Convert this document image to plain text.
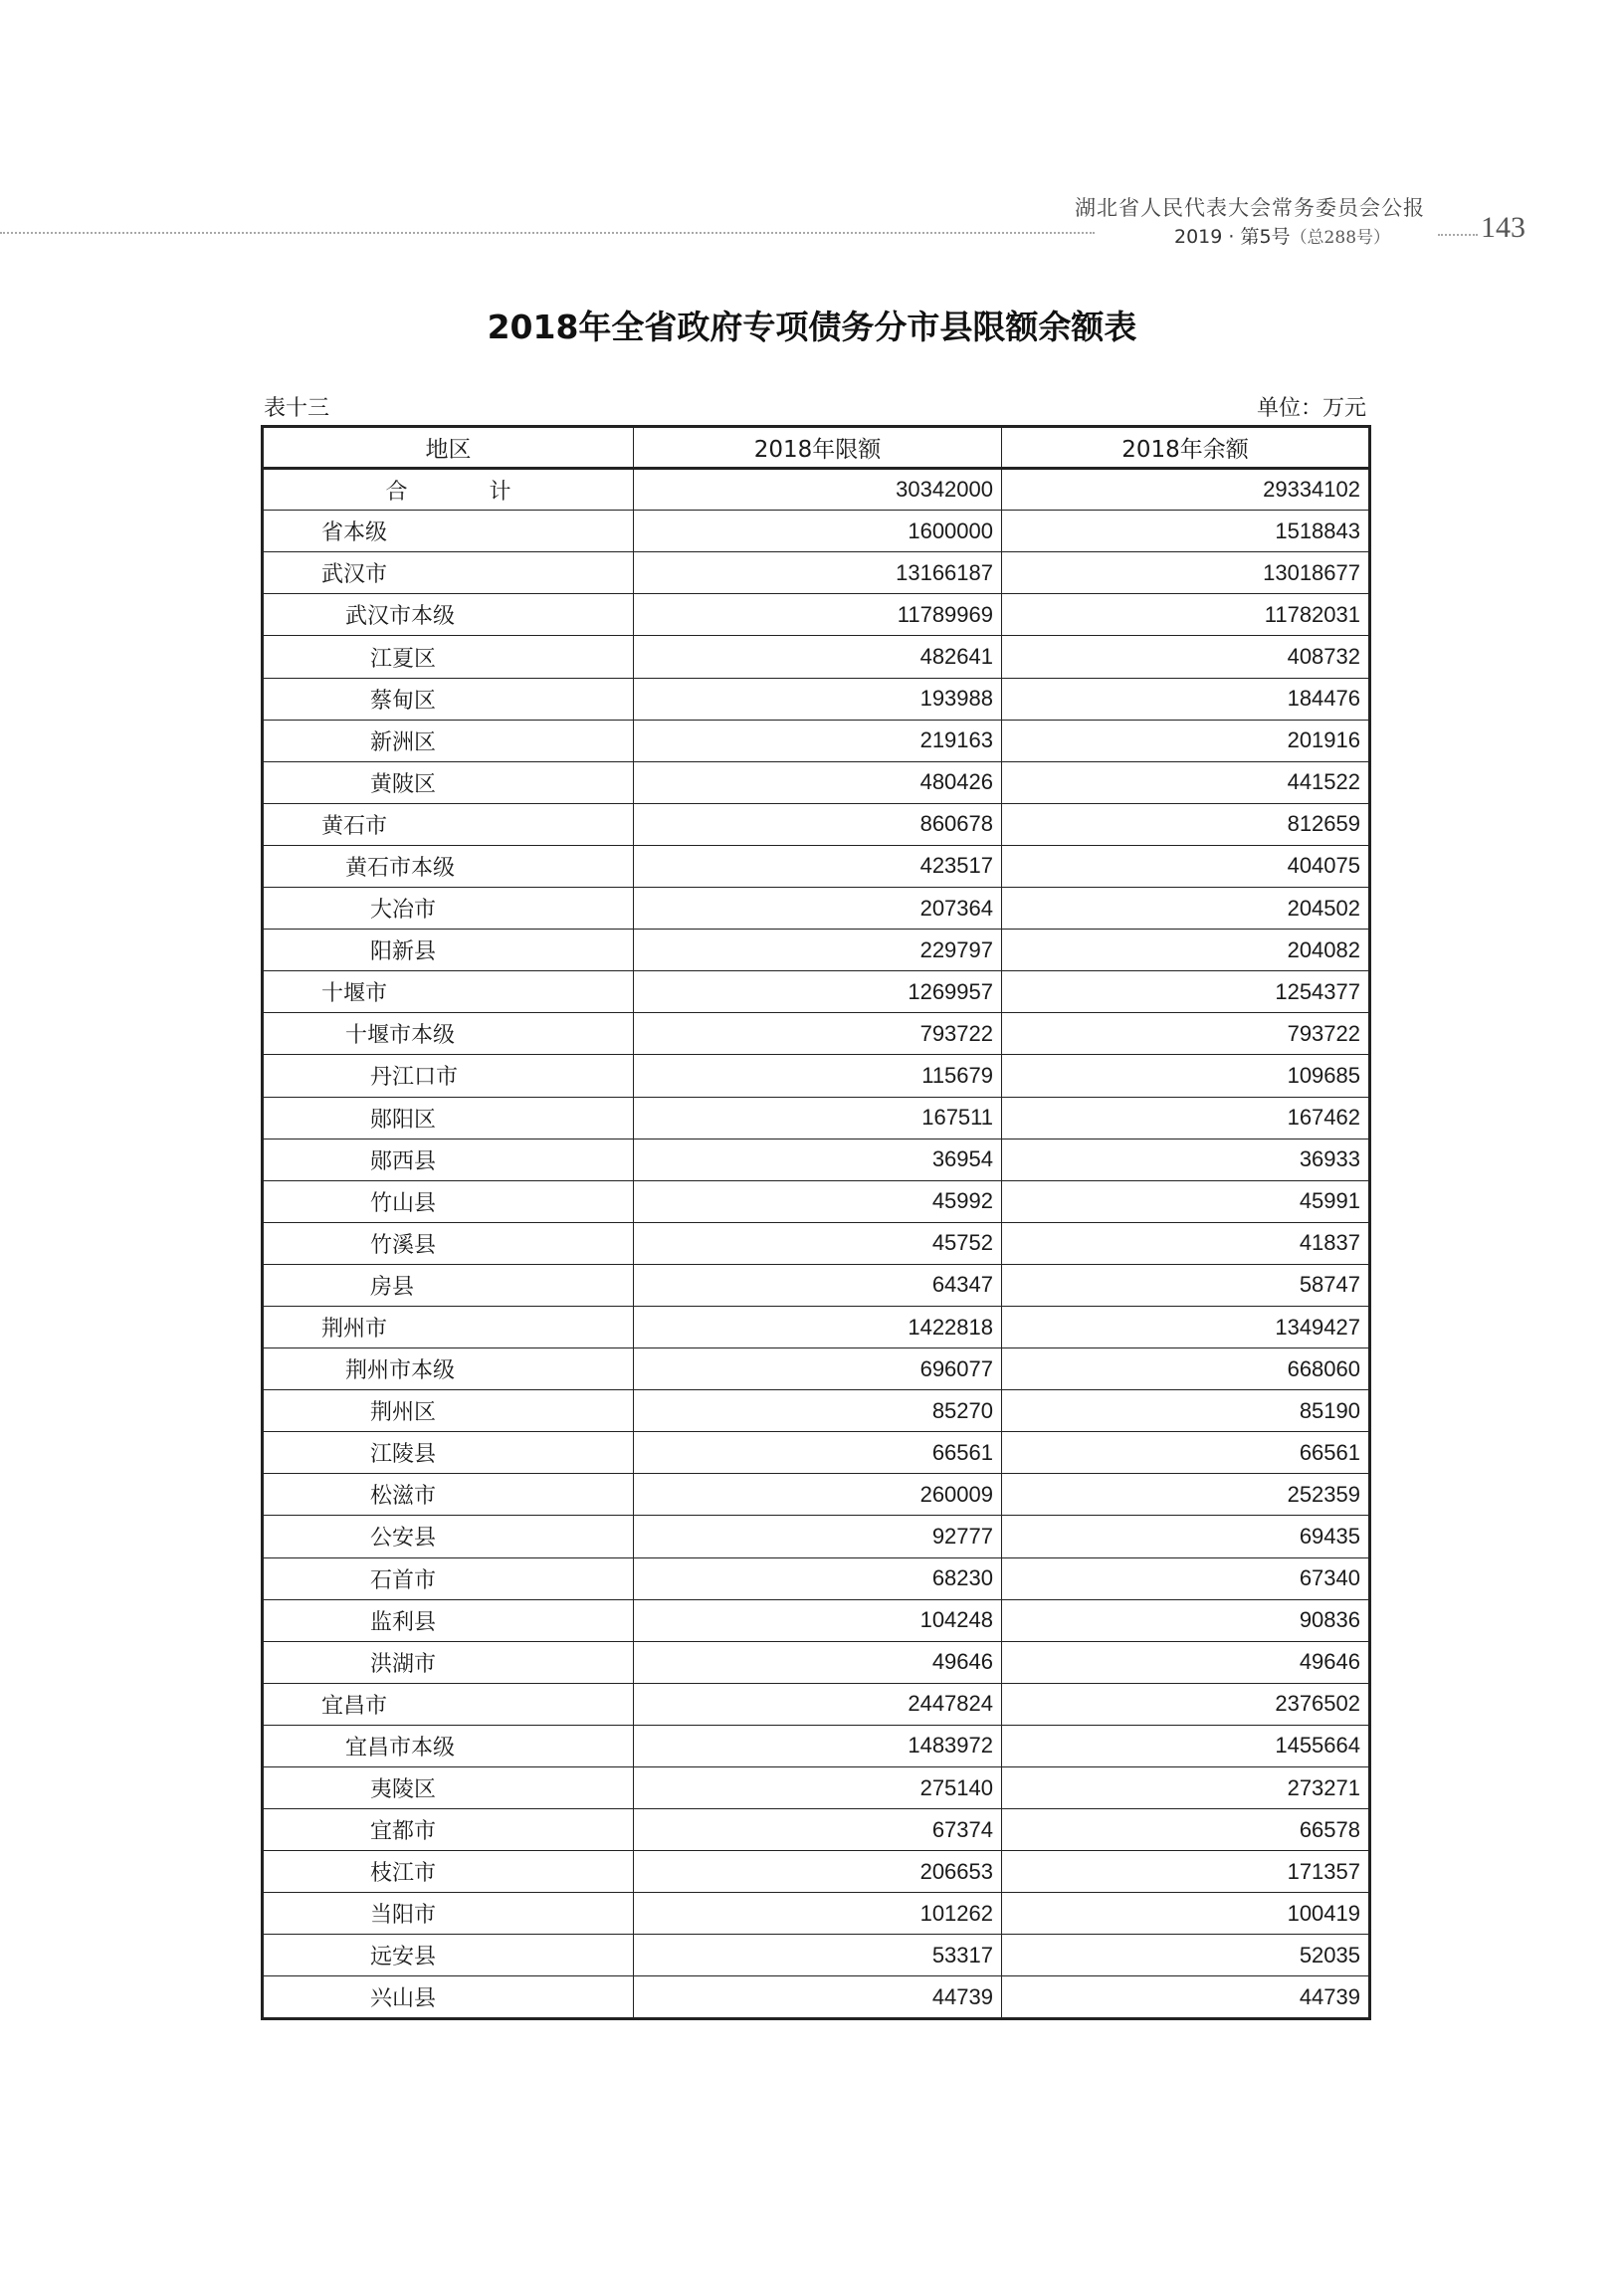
湖北省人民代表大会常务委员会公报
2019 · 第5号（总288号）	143
2018年全省政府专项债务分市县限额余额表
表十三	单位：万元
地区	2018年限额	2018年余额
合　计	30342000	29334102
省本级	1600000	1518843
武汉市	13166187	13018677
武汉市本级	11789969	11782031
江夏区	482641	408732
蔡甸区	193988	184476
新洲区	219163	201916
黄陂区	480426	441522
黄石市	860678	812659
黄石市本级	423517	404075
大冶市	207364	204502
阳新县	229797	204082
十堰市	1269957	1254377
十堰市本级	793722	793722
丹江口市	115679	109685
郧阳区	167511	167462
郧西县	36954	36933
竹山县	45992	45991
竹溪县	45752	41837
房县	64347	58747
荆州市	1422818	1349427
荆州市本级	696077	668060
荆州区	85270	85190
江陵县	66561	66561
松滋市	260009	252359
公安县	92777	69435
石首市	68230	67340
监利县	104248	90836
洪湖市	49646	49646
宜昌市	2447824	2376502
宜昌市本级	1483972	1455664
夷陵区	275140	273271
宜都市	67374	66578
枝江市	206653	171357
当阳市	101262	100419
远安县	53317	52035
兴山县	44739	44739
